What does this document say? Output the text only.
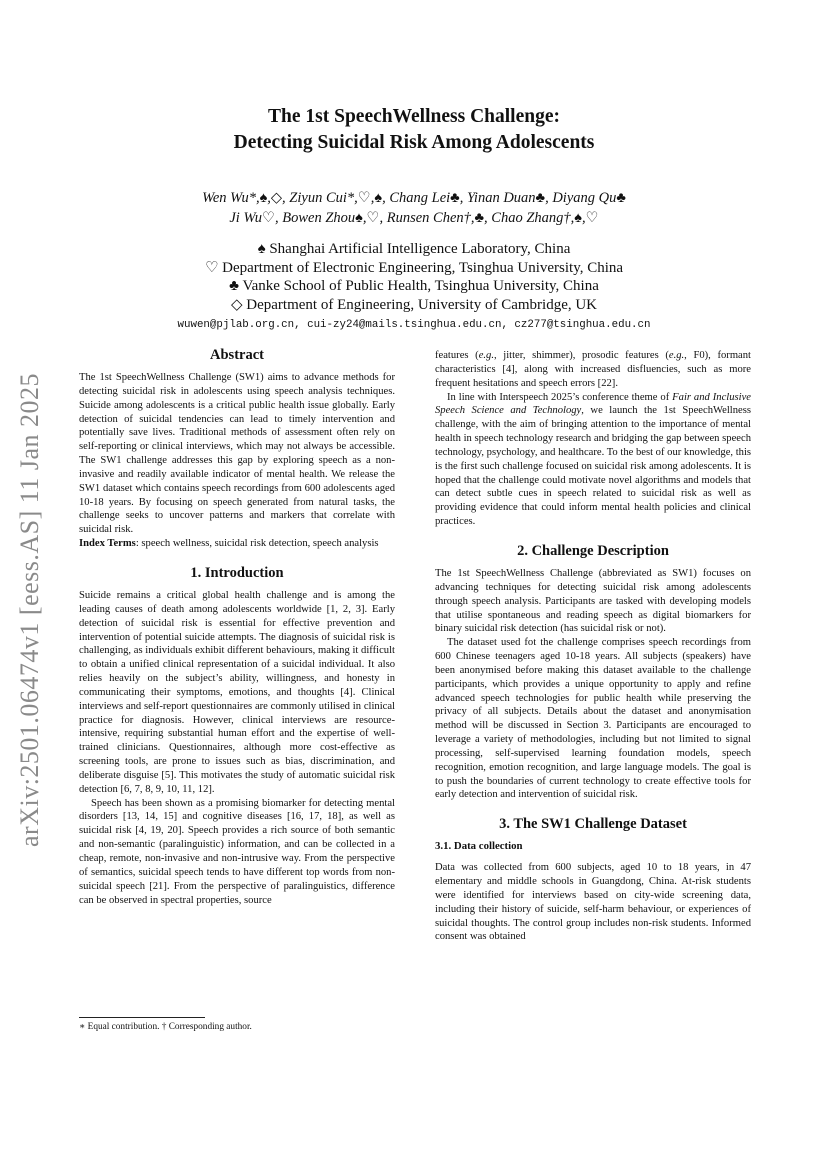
arXiv:2501.06474v1 [eess.AS] 11 Jan 2025
The 1st SpeechWellness Challenge:
Detecting Suicidal Risk Among Adolescents
Wen Wu*,♠,◇, Ziyun Cui*,♡,♠, Chang Lei♣, Yinan Duan♣, Diyang Qu♣
Ji Wu♡, Bowen Zhou♠,♡, Runsen Chen†,♣, Chao Zhang†,♠,♡
♠ Shanghai Artificial Intelligence Laboratory, China
♡ Department of Electronic Engineering, Tsinghua University, China
♣ Vanke School of Public Health, Tsinghua University, China
◇ Department of Engineering, University of Cambridge, UK
wuwen@pjlab.org.cn, cui-zy24@mails.tsinghua.edu.cn, cz277@tsinghua.edu.cn
Abstract

The 1st SpeechWellness Challenge (SW1) aims to advance methods for detecting suicidal risk in adolescents using speech analysis techniques. Suicide among adolescents is a critical public health issue globally. Early detection of suicidal tendencies can lead to timely intervention and potentially save lives. Traditional methods of assessment often rely on self-reporting or clinical interviews, which may not always be accessible. The SW1 challenge addresses this gap by exploring speech as a non-invasive and readily available indicator of mental health. We release the SW1 dataset which contains speech recordings from 600 adolescents aged 10-18 years. By focusing on speech generated from natural tasks, the challenge seeks to uncover patterns and markers that correlate with suicidal risk.

Index Terms: speech wellness, suicidal risk detection, speech analysis

1. Introduction

Suicide remains a critical global health challenge and is among the leading causes of death among adolescents worldwide [1, 2, 3]. Early detection of suicidal risk is essential for effective prevention and intervention of potential suicide attempts. The diagnosis of suicidal risk is challenging, as individuals exhibit different behaviours, making it difficult to obtain a unified clinical representation of a suicidal individual. It also relies heavily on the subject’s ability, willingness, and honesty in communicating their symptoms, emotions, and thoughts [4]. Clinical interviews and self-report questionnaires are commonly utilised in clinical practice for diagnosis. However, clinical interviews are resource-intensive, requiring substantial human effort and the expertise of well-trained clinicians. Questionnaires, although more cost-effective as screening tools, are prone to issues such as bias, discrimination, and deliberate disguise [5]. This motivates the study of automatic suicidal risk detection [6, 7, 8, 9, 10, 11, 12].

Speech has been shown as a promising biomarker for detecting mental disorders [13, 14, 15] and cognitive diseases [16, 17, 18], as well as suicidal risk [4, 19, 20]. Speech provides a rich source of both semantic and non-semantic (paralinguistic) information, and can be collected in a cheap, remote, non-invasive and non-intrusive way. From the perspective of semantics, suicidal speech tends to have different top words from non-suicidal speech [21]. From the perspective of paralinguistics, difference can be observed in spectral properties, source

∗ Equal contribution. † Corresponding author.

features (e.g., jitter, shimmer), prosodic features (e.g., F0), formant characteristics [4], along with increased disfluencies, such as more frequent hesitations and speech errors [22].

In line with Interspeech 2025’s conference theme of Fair and Inclusive Speech Science and Technology, we launch the 1st SpeechWellness challenge, with the aim of bringing attention to the importance of mental health in speech technology research and bridging the gap between speech technology, psychology, and healthcare. To the best of our knowledge, this is the first such challenge focused on suicidal risk among adolescents. It is hoped that the challenge could motivate novel algorithms and models that can detect subtle cues in speech related to suicidal risk as well as providing evidence that could inform mental health policies and clinical practices.

2. Challenge Description

The 1st SpeechWellness Challenge (abbreviated as SW1) focuses on advancing techniques for detecting suicidal risk among adolescents through speech analysis. Participants are tasked with developing models that utilise spontaneous and reading speech as digital biomarkers for binary suicidal risk detection (has suicidal risk or not).

The dataset used fot the challenge comprises speech recordings from 600 Chinese teenagers aged 10-18 years. All subjects (speakers) have been anonymised before making this dataset available to the challenge participants, which provides a unique opportunity to apply and refine advanced speech technologies for public health while preserving the privacy of all subjects. Details about the dataset and anonymisation method will be discussed in Section 3. Participants are encouraged to leverage a variety of methodologies, including but not limited to signal processing, self-supervised learning foundation models, speech recognition, emotion recognition, and large language models. The goal is to push the boundaries of current technology to create effective tools for early detection and intervention of suicidal risk.

3. The SW1 Challenge Dataset
3.1. Data collection

Data was collected from 600 subjects, aged 10 to 18 years, in 47 elementary and middle schools in Guangdong, China. At-risk students were identified for interviews based on city-wide screening data, including their history of suicide, self-harm behaviour, or experiences of suicidal thoughts. The control group includes non-risk students. Informed consent was obtained
